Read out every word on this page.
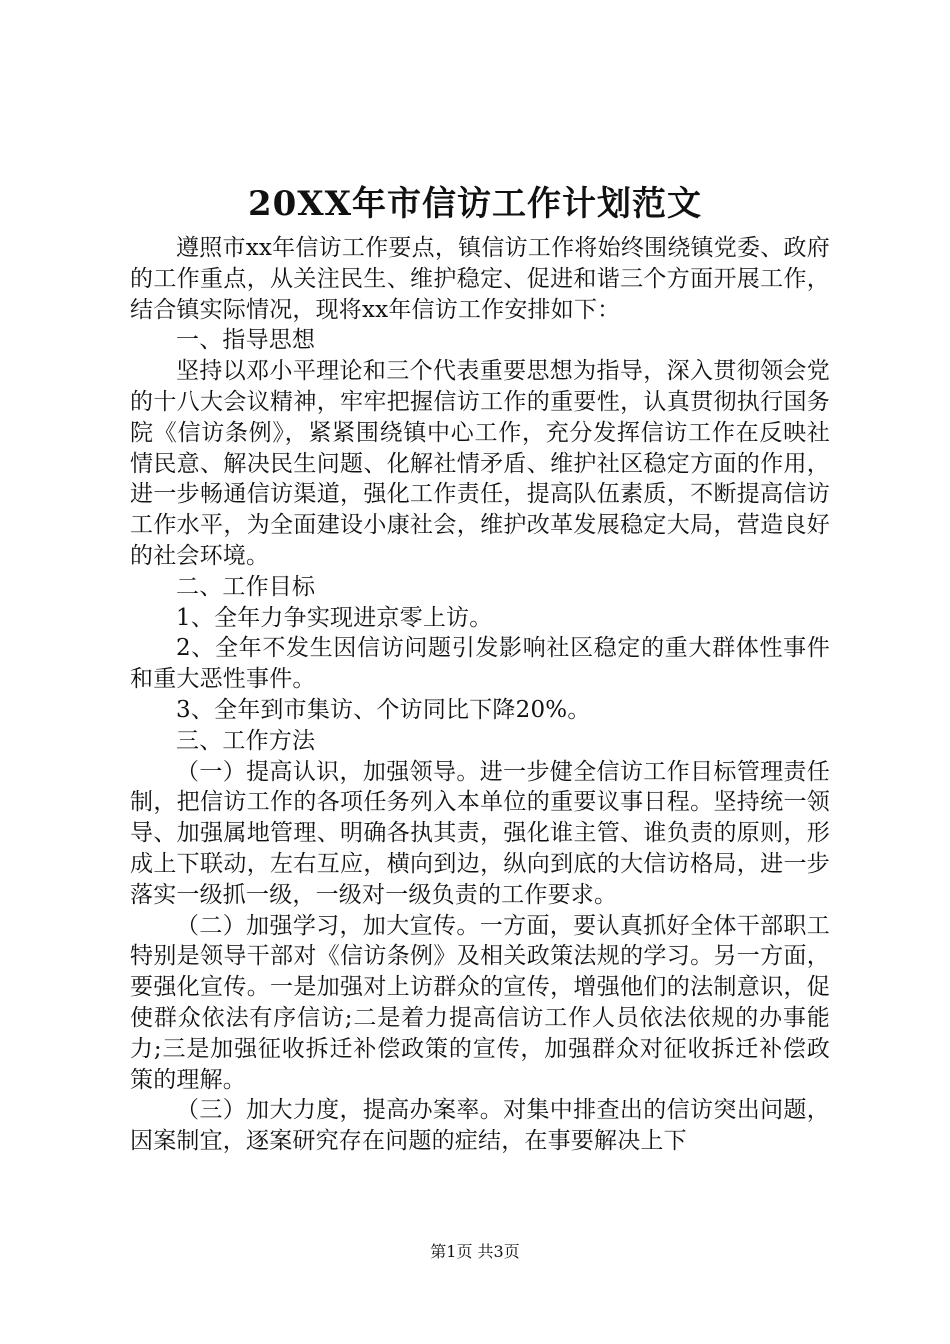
20XX年市信访工作计划范文

遵照市xx年信访工作要点，镇信访工作将始终围绕镇党委、政府的工作重点，从关注民生、维护稳定、促进和谐三个方面开展工作，结合镇实际情况，现将xx年信访工作安排如下：

一、指导思想

坚持以邓小平理论和三个代表重要思想为指导，深入贯彻领会党的十八大会议精神，牢牢把握信访工作的重要性，认真贯彻执行国务院《信访条例》，紧紧围绕镇中心工作，充分发挥信访工作在反映社情民意、解决民生问题、化解社情矛盾、维护社区稳定方面的作用，进一步畅通信访渠道，强化工作责任，提高队伍素质，不断提高信访工作水平，为全面建设小康社会，维护改革发展稳定大局，营造良好的社会环境。

二、工作目标

1、全年力争实现进京零上访。

2、全年不发生因信访问题引发影响社区稳定的重大群体性事件和重大恶性事件。

3、全年到市集访、个访同比下降20%。

三、工作方法

（一）提高认识，加强领导。进一步健全信访工作目标管理责任制，把信访工作的各项任务列入本单位的重要议事日程。坚持统一领导、加强属地管理、明确各执其责，强化谁主管、谁负责的原则，形成上下联动，左右互应，横向到边，纵向到底的大信访格局，进一步落实一级抓一级，一级对一级负责的工作要求。

（二）加强学习，加大宣传。一方面，要认真抓好全体干部职工特别是领导干部对《信访条例》及相关政策法规的学习。另一方面，要强化宣传。一是加强对上访群众的宣传，增强他们的法制意识，促使群众依法有序信访;二是着力提高信访工作人员依法依规的办事能力;三是加强征收拆迁补偿政策的宣传，加强群众对征收拆迁补偿政策的理解。

（三）加大力度，提高办案率。对集中排查出的信访突出问题，因案制宜，逐案研究存在问题的症结，在事要解决上下

第1页 共3页
